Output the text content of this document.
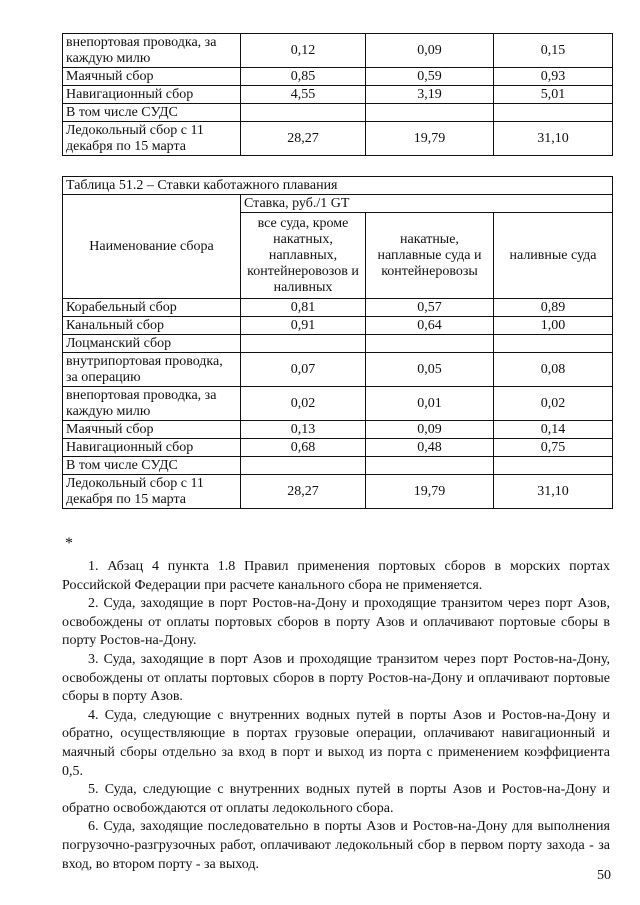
внепортовая проводка, за каждую милю	0,12	0,09	0,15
Маячный сбор	0,85	0,59	0,93
Навигационный сбор	4,55	3,19	5,01
В том числе СУДС			
Ледокольный сбор с 11 декабря по 15 марта	28,27	19,79	31,10
Таблица 51.2 – Ставки каботажного плавания			
Наименование сбора	Ставка, руб./1 GT		
	все суда, кроме накатных, наплавных, контейнеровозов и наливных	накатные, наплавные суда и контейнеровозы	наливные суда
Корабельный сбор	0,81	0,57	0,89
Канальный сбор	0,91	0,64	1,00
Лоцманский сбор			
внутрипортовая проводка, за операцию	0,07	0,05	0,08
внепортовая проводка, за каждую милю	0,02	0,01	0,02
Маячный сбор	0,13	0,09	0,14
Навигационный сбор	0,68	0,48	0,75
В том числе СУДС			
Ледокольный сбор с 11 декабря по 15 марта	28,27	19,79	31,10
*

1. Абзац 4 пункта 1.8 Правил применения портовых сборов в морских портах Российской Федерации при расчете канального сбора не применяется.

2. Суда, заходящие в порт Ростов-на-Дону и проходящие транзитом через порт Азов, освобождены от оплаты портовых сборов в порту Азов и оплачивают портовые сборы в порту Ростов-на-Дону.

3. Суда, заходящие в порт Азов и проходящие транзитом через порт Ростов-на-Дону, освобождены от оплаты портовых сборов в порту Ростов-на-Дону и оплачивают портовые сборы в порту Азов.

4. Суда, следующие с внутренних водных путей в порты Азов и Ростов-на-Дону и обратно, осуществляющие в портах грузовые операции, оплачивают навигационный и маячный сборы отдельно за вход в порт и выход из порта с применением коэффициента 0,5.

5. Суда, следующие с внутренних водных путей в порты Азов и Ростов-на-Дону и обратно освобождаются от оплаты ледокольного сбора.

6. Суда, заходящие последовательно в порты Азов и Ростов-на-Дону для выполнения погрузочно-разгрузочных работ, оплачивают ледокольный сбор в первом порту захода - за вход, во втором порту - за выход.

50
